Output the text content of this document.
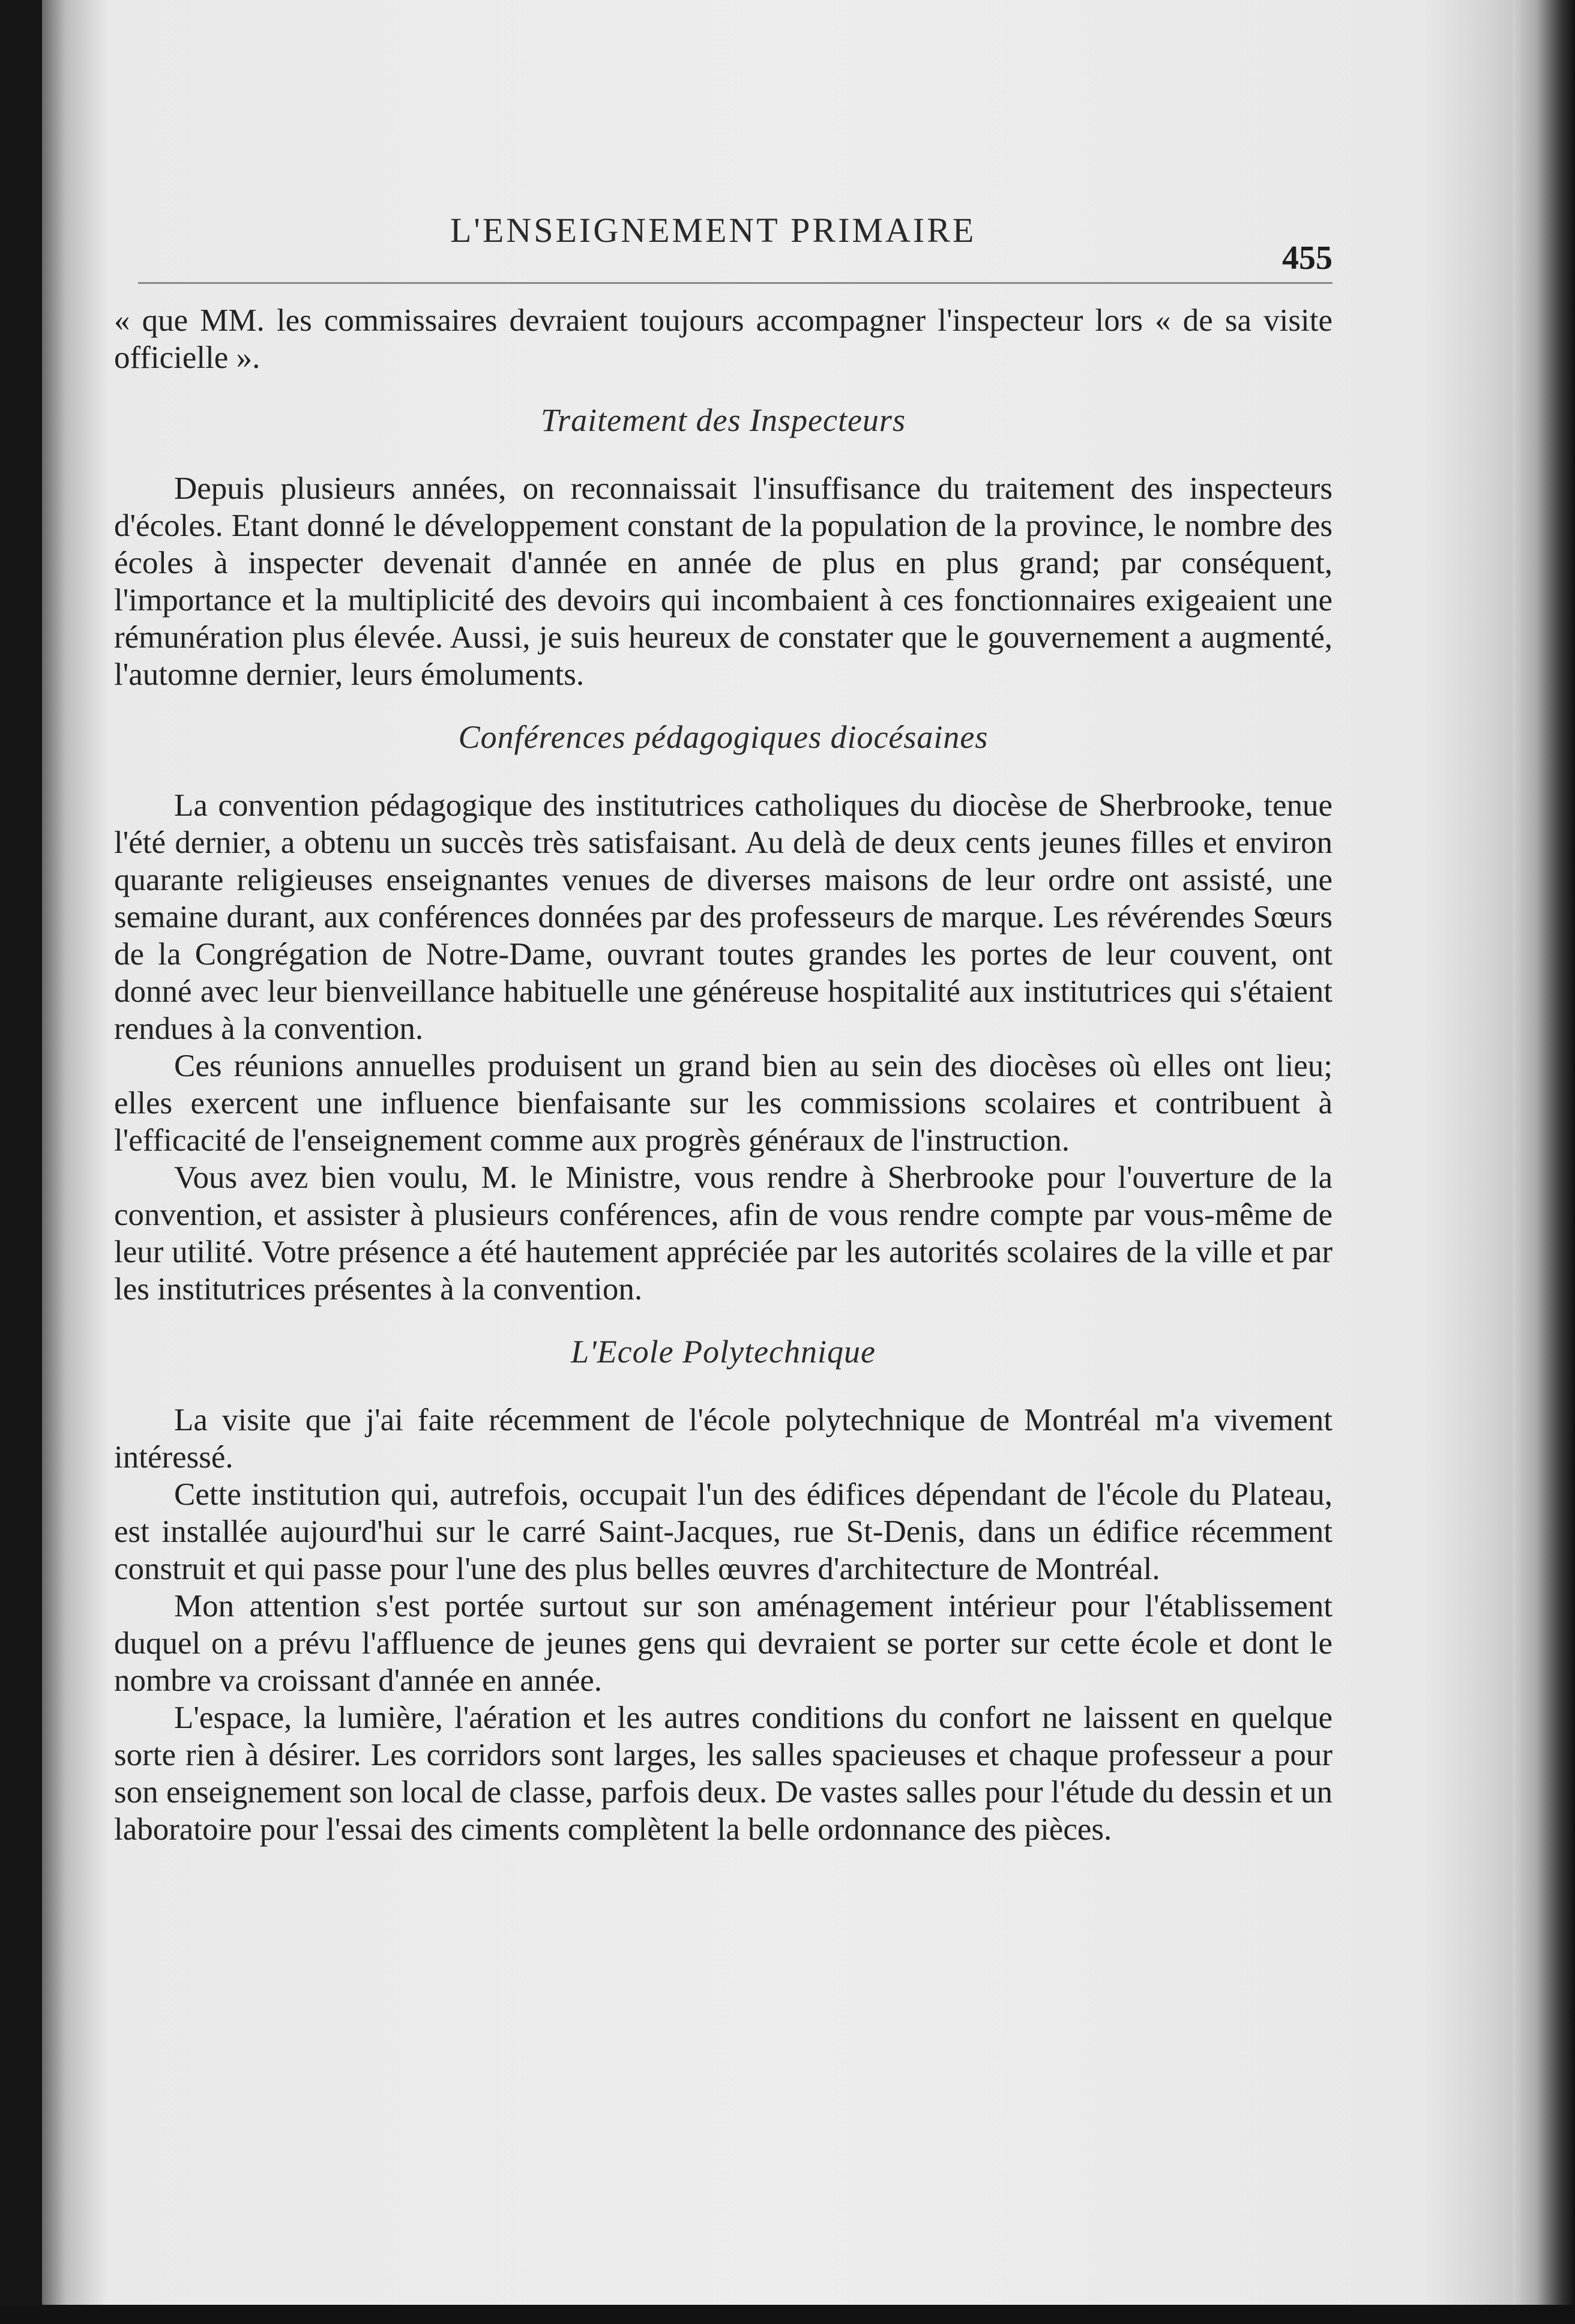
L'ENSEIGNEMENT PRIMAIRE
455

« que MM. les commissaires devraient toujours accompagner l'inspecteur lors « de sa visite officielle ».

Traitement des Inspecteurs

Depuis plusieurs années, on reconnaissait l'insuffisance du traitement des inspecteurs d'écoles. Etant donné le développement constant de la population de la province, le nombre des écoles à inspecter devenait d'année en année de plus en plus grand; par conséquent, l'importance et la multiplicité des devoirs qui incombaient à ces fonctionnaires exigeaient une rémunération plus élevée. Aussi, je suis heureux de constater que le gouvernement a augmenté, l'automne dernier, leurs émoluments.

Conférences pédagogiques diocésaines

La convention pédagogique des institutrices catholiques du diocèse de Sherbrooke, tenue l'été dernier, a obtenu un succès très satisfaisant. Au delà de deux cents jeunes filles et environ quarante religieuses enseignantes venues de diverses maisons de leur ordre ont assisté, une semaine durant, aux conférences données par des professeurs de marque. Les révérendes Sœurs de la Congrégation de Notre-Dame, ouvrant toutes grandes les portes de leur couvent, ont donné avec leur bienveillance habituelle une généreuse hospitalité aux institutrices qui s'étaient rendues à la convention.

Ces réunions annuelles produisent un grand bien au sein des diocèses où elles ont lieu; elles exercent une influence bienfaisante sur les commissions scolaires et contribuent à l'efficacité de l'enseignement comme aux progrès généraux de l'instruction.

Vous avez bien voulu, M. le Ministre, vous rendre à Sherbrooke pour l'ouverture de la convention, et assister à plusieurs conférences, afin de vous rendre compte par vous-même de leur utilité. Votre présence a été hautement appréciée par les autorités scolaires de la ville et par les institutrices présentes à la convention.

L'Ecole Polytechnique

La visite que j'ai faite récemment de l'école polytechnique de Montréal m'a vivement intéressé.

Cette institution qui, autrefois, occupait l'un des édifices dépendant de l'école du Plateau, est installée aujourd'hui sur le carré Saint-Jacques, rue St-Denis, dans un édifice récemment construit et qui passe pour l'une des plus belles œuvres d'architecture de Montréal.

Mon attention s'est portée surtout sur son aménagement intérieur pour l'établissement duquel on a prévu l'affluence de jeunes gens qui devraient se porter sur cette école et dont le nombre va croissant d'année en année.

L'espace, la lumière, l'aération et les autres conditions du confort ne laissent en quelque sorte rien à désirer. Les corridors sont larges, les salles spacieuses et chaque professeur a pour son enseignement son local de classe, parfois deux. De vastes salles pour l'étude du dessin et un laboratoire pour l'essai des ciments complètent la belle ordonnance des pièces.
